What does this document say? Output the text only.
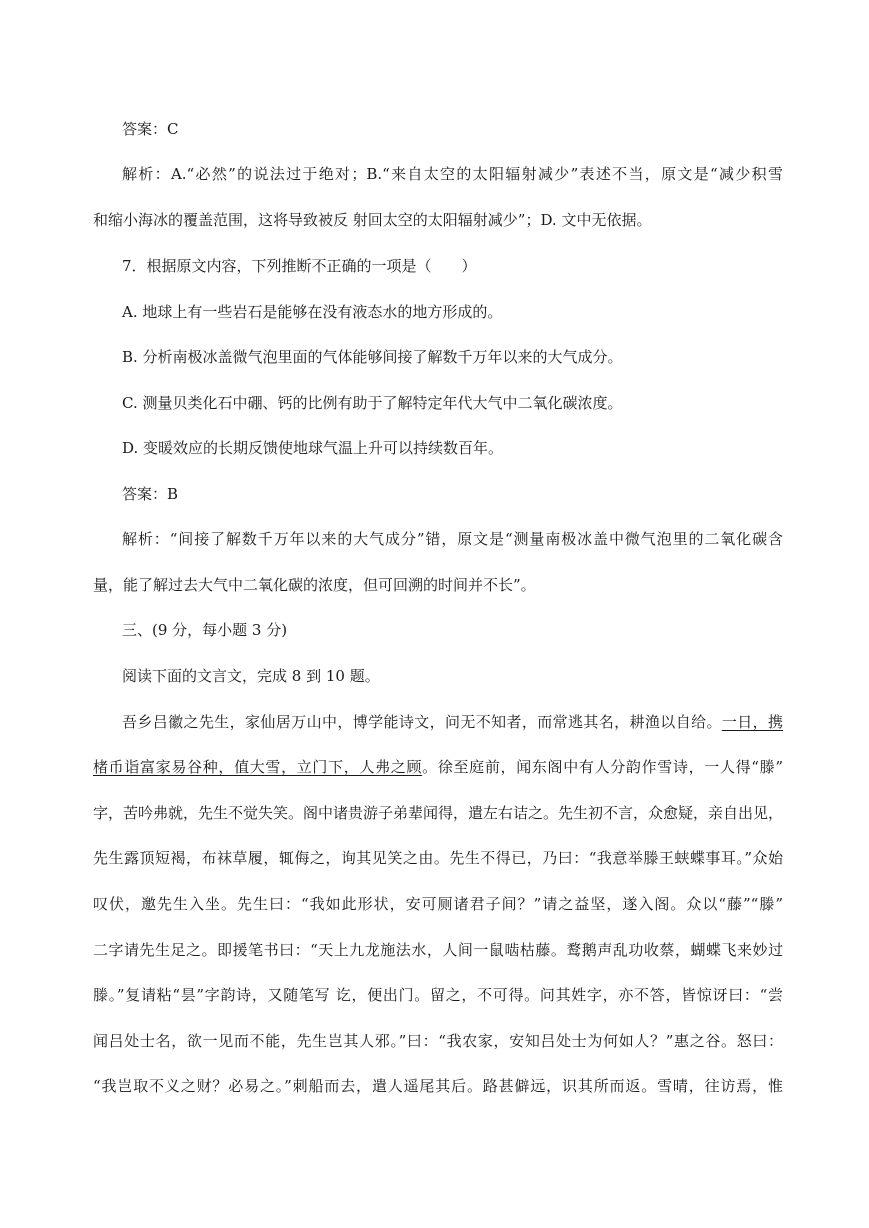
答案：C
解析：A.“必然”的说法过于绝对；B.“来自太空的太阳辐射减少”表述不当，原文是“减少积雪
和缩小海冰的覆盖范围，这将导致被反 射回太空的太阳辐射减少”；D. 文中无依据。
7．根据原文内容，下列推断不正确的一项是（　　）
A. 地球上有一些岩石是能够在没有液态水的地方形成的。
B. 分析南极冰盖微气泡里面的气体能够间接了解数千万年以来的大气成分。
C. 测量贝类化石中硼、钙的比例有助于了解特定年代大气中二氧化碳浓度。
D. 变暖效应的长期反馈使地球气温上升可以持续数百年。
答案：B
解析：“间接了解数千万年以来的大气成分”错，原文是“测量南极冰盖中微气泡里的二氧化碳含
量，能了解过去大气中二氧化碳的浓度，但可回溯的时间并不长”。
三、(9 分，每小题 3 分)
阅读下面的文言文，完成 8 到 10 题。
吾乡吕徽之先生，家仙居万山中，博学能诗文，问无不知者，而常逃其名，耕渔以自给。一日，携
楮币诣富家易谷种，值大雪，立门下，人弗之顾。徐至庭前，闻东阁中有人分韵作雪诗，一人得“滕”
字，苦吟弗就，先生不觉失笑。阁中诸贵游子弟辈闻得，遣左右诘之。先生初不言，众愈疑，亲自出见，
先生露顶短褐，布袜草履，辄侮之，询其见笑之由。先生不得已，乃曰：“我意举滕王蛱蝶事耳。”众始
叹伏，邀先生入坐。先生曰：“我如此形状，安可厕诸君子间？”请之益坚，遂入阁。众以“藤”“滕”
二字请先生足之。即援笔书曰：“天上九龙施法水，人间一鼠啮枯藤。鹜鹅声乱功收蔡，蝴蝶飞来妙过
滕。”复请粘“昙”字韵诗，又随笔写 讫，便出门。留之，不可得。问其姓字，亦不答，皆惊讶曰：“尝
闻吕处士名，欲一见而不能，先生岂其人邪。”曰：“我农家，安知吕处士为何如人？”惠之谷。怒曰：
“我岂取不义之财？必易之。”刺船而去，遣人遥尾其后。路甚僻远，识其所而返。雪晴，往访焉，惟
